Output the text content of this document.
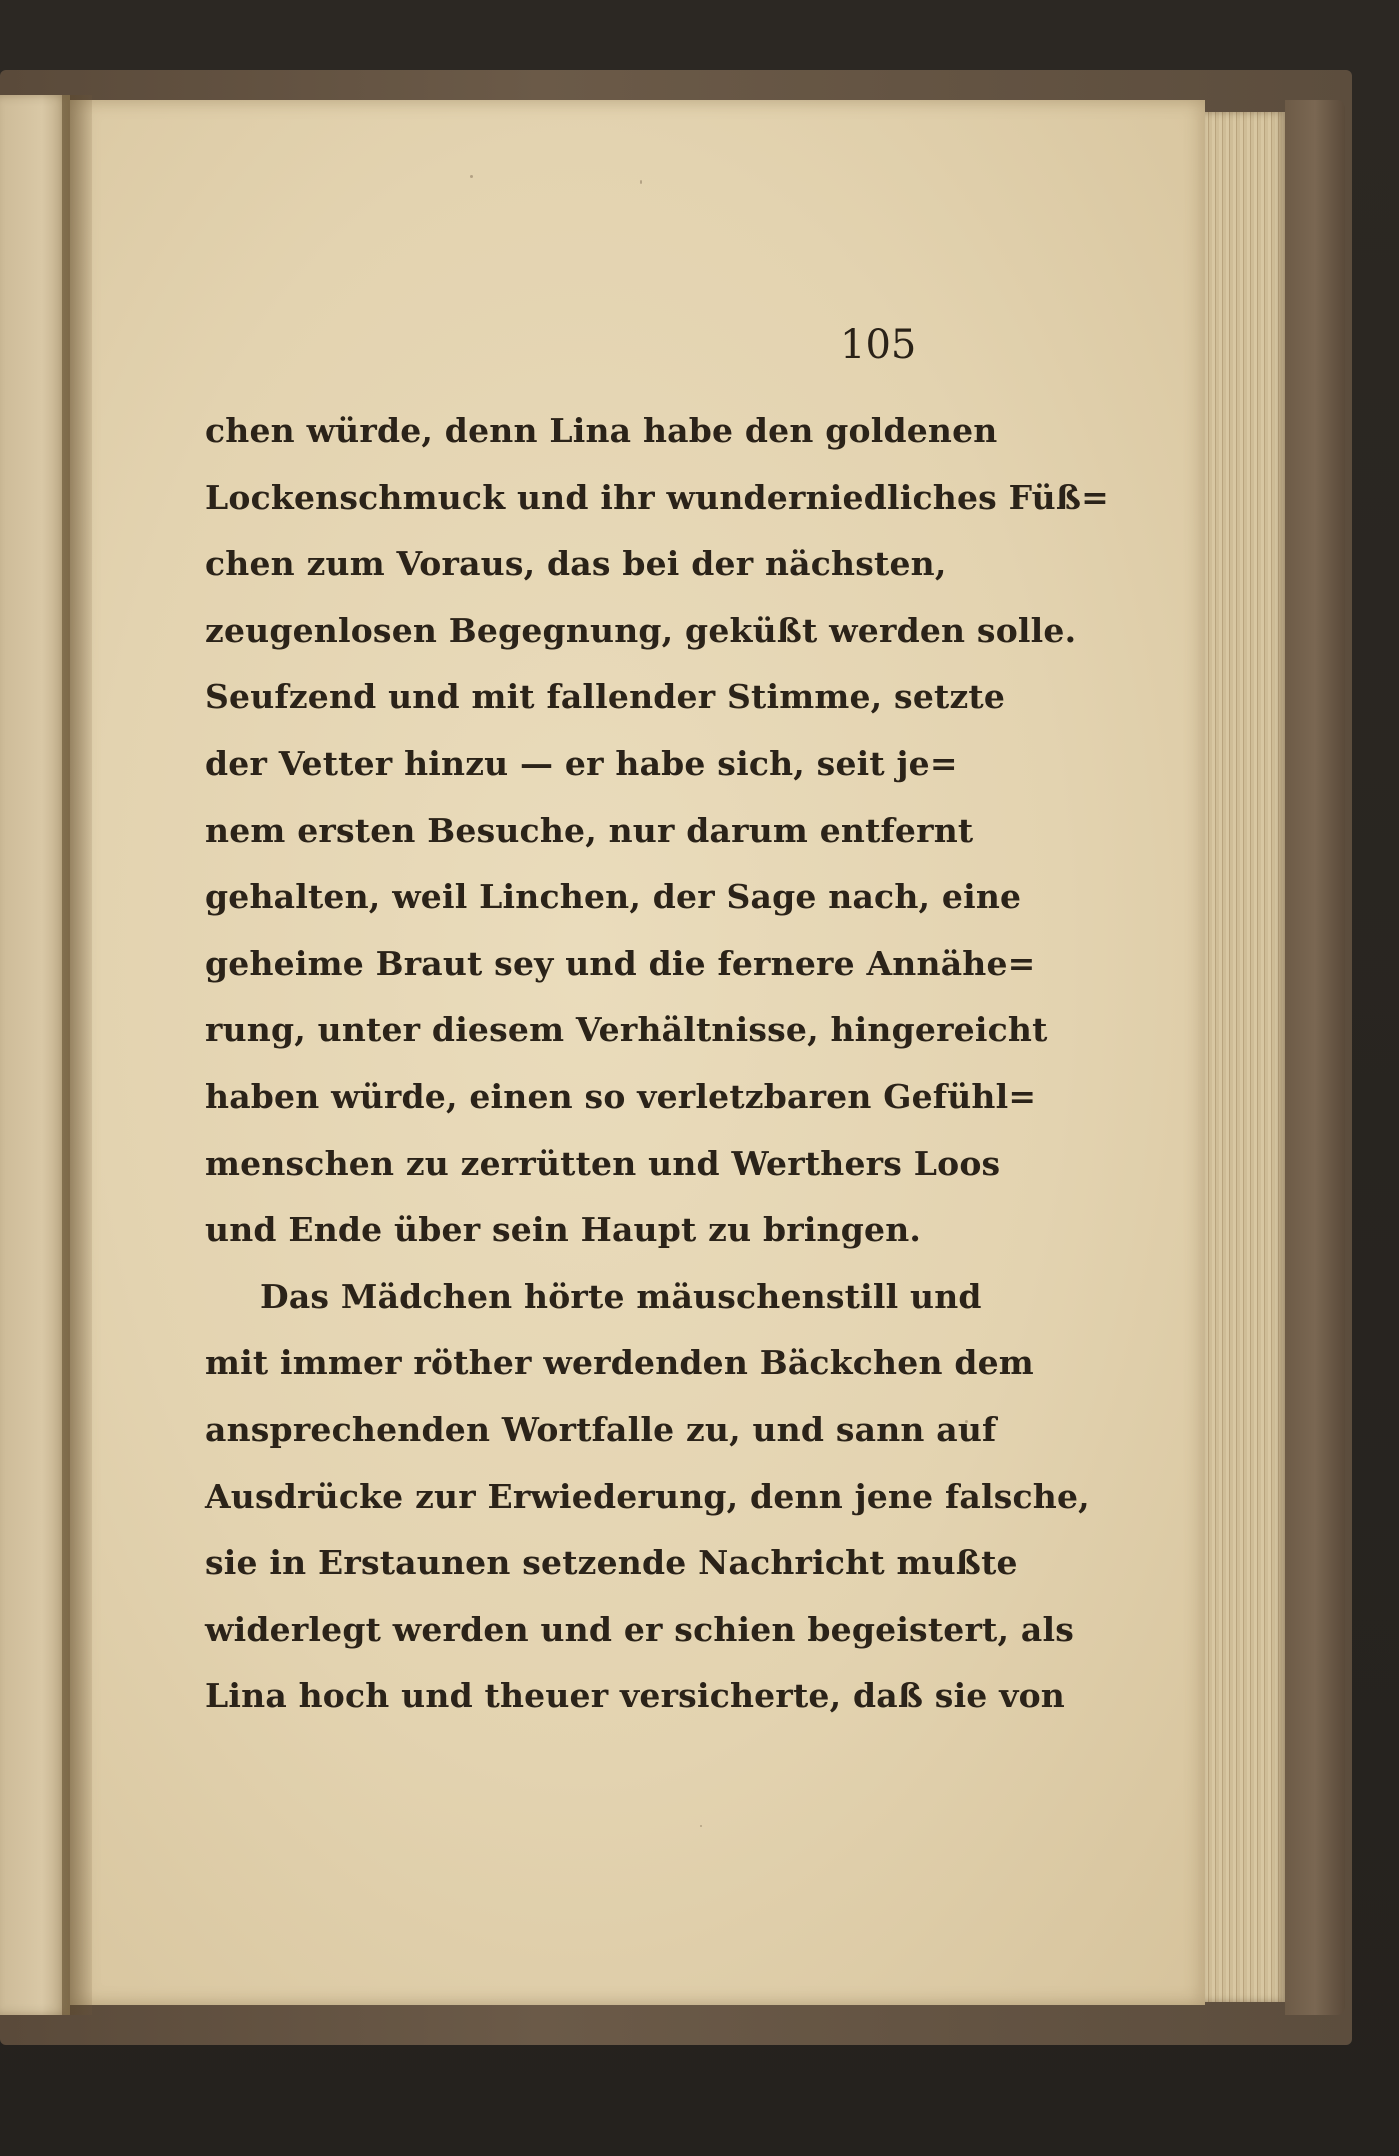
105
chen würde, denn Lina habe den goldenen
Lockenschmuck und ihr wunderniedliches Füß=
chen zum Voraus, das bei der nächsten,
zeugenlosen Begegnung, geküßt werden solle.
Seufzend und mit fallender Stimme, setzte
der Vetter hinzu — er habe sich, seit je=
nem ersten Besuche, nur darum entfernt
gehalten, weil Linchen, der Sage nach, eine
geheime Braut sey und die fernere Annähe=
rung, unter diesem Verhältnisse, hingereicht
haben würde, einen so verletzbaren Gefühl=
menschen zu zerrütten und Werthers Loos
und Ende über sein Haupt zu bringen.
Das Mädchen hörte mäuschenstill und
mit immer röther werdenden Bäckchen dem
ansprechenden Wortfalle zu, und sann auf
Ausdrücke zur Erwiederung, denn jene falsche,
sie in Erstaunen setzende Nachricht mußte
widerlegt werden und er schien begeistert, als
Lina hoch und theuer versicherte, daß sie von
